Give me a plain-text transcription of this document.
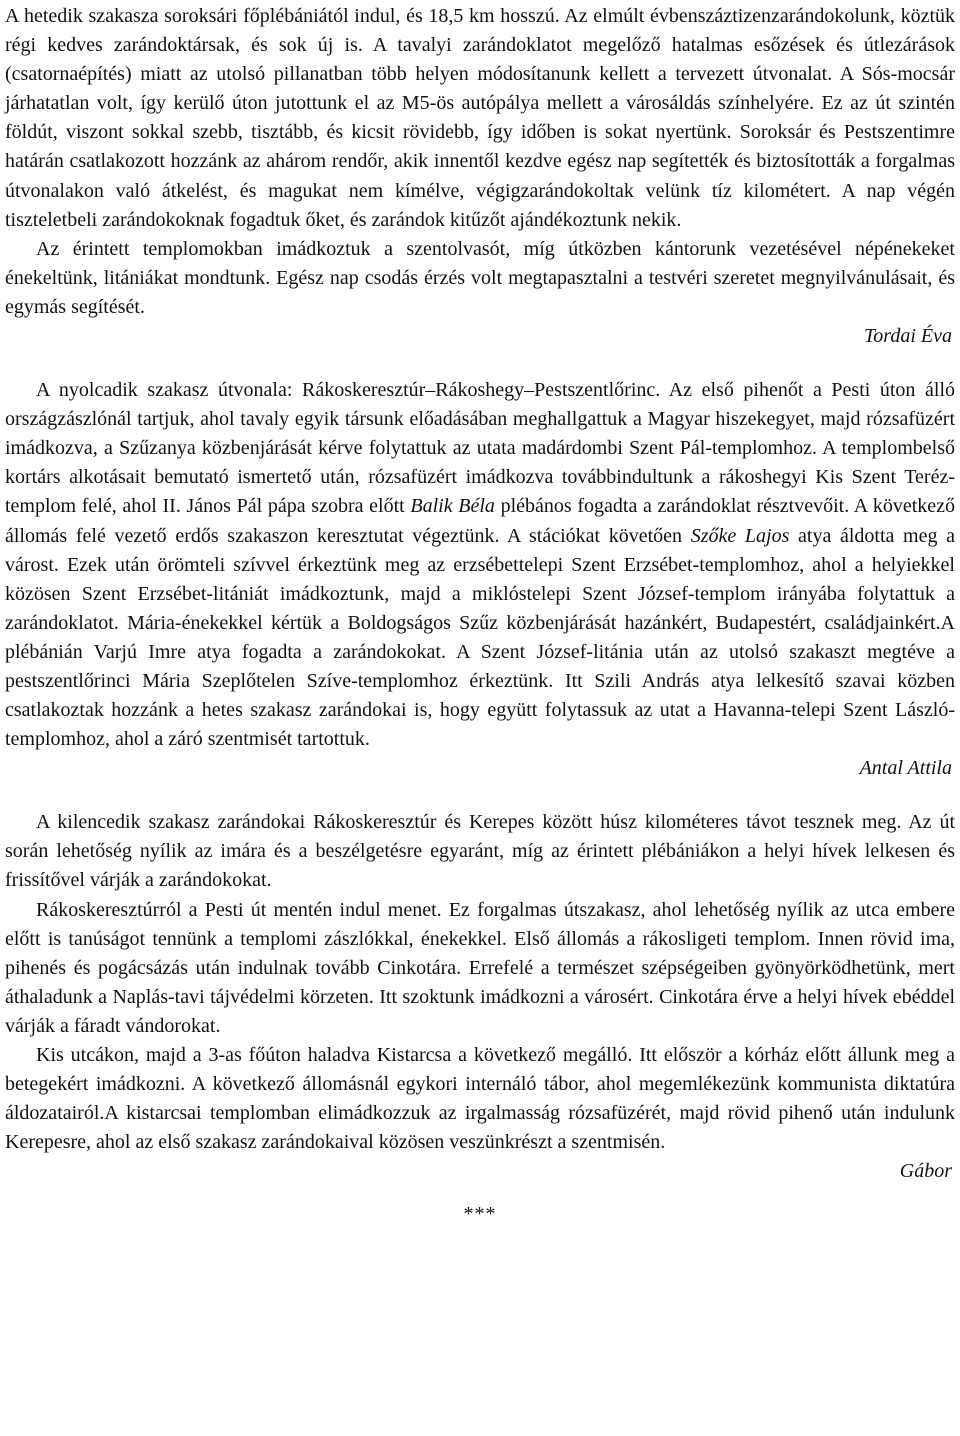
A hetedik szakasza soroksári főplébániától indul, és 18,5 km hosszú. Az elmúlt évbenszáztizenzarándokolunk, köztük régi kedves zarándoktársak, és sok új is. A tavalyi zarándoklatot megelőző hatalmas esőzések és útlezárások (csatornaépítés) miatt az utolsó pillanatban több helyen módosítanunk kellett a tervezett útvonalat. A Sós-mocsár járhatatlan volt, így kerülő úton jutottunk el az M5-ös autópálya mellett a városáldás színhelyére. Ez az út szintén földút, viszont sokkal szebb, tisztább, és kicsit rövidebb, így időben is sokat nyertünk. Soroksár és Pestszentimre határán csatlakozott hozzánk az ahárom rendőr, akik innentől kezdve egész nap segítették és biztosították a forgalmas útvonalakon való átkelést, és magukat nem kímélve, végigzarándokoltak velünk tíz kilométert. A nap végén tiszteletbeli zarándokoknak fogadtuk őket, és zarándok kitűzőt ajándékoztunk nekik.

Az érintett templomokban imádkoztuk a szentolvasót, míg útközben kántorunk vezetésével népénekeket énekeltünk, litániákat mondtunk. Egész nap csodás érzés volt megtapasztalni a testvéri szeretet megnyilvánulásait, és egymás segítését.

Tordai Éva

A nyolcadik szakasz útvonala: Rákoskeresztúr–Rákoshegy–Pestszentlőrinc. Az első pihenőt a Pesti úton álló országzászlónál tartjuk, ahol tavaly egyik társunk előadásában meghallgattuk a Magyar hiszekegyet, majd rózsafüzért imádkozva, a Szűzanya közbenjárását kérve folytattuk az utata madárdombi Szent Pál-templomhoz. A templombelső kortárs alkotásait bemutató ismertető után, rózsafüzért imádkozva továbbindultunk a rákoshegyi Kis Szent Teréz-templom felé, ahol II. János Pál pápa szobra előtt Balik Béla plébános fogadta a zarándoklat résztvevőit. A következő állomás felé vezető erdős szakaszon keresztutat végeztünk. A stációkat követően Szőke Lajos atya áldotta meg a várost. Ezek után örömteli szívvel érkeztünk meg az erzsébettelepi Szent Erzsébet-templomhoz, ahol a helyiekkel közösen Szent Erzsébet-litániát imádkoztunk, majd a miklóstelepi Szent József-templom irányába folytattuk a zarándoklatot. Mária-énekekkel kértük a Boldogságos Szűz közbenjárását hazánkért, Budapestért, családjainkért.A plébánián Varjú Imre atya fogadta a zarándokokat. A Szent József-litánia után az utolsó szakaszt megtéve a pestszentlőrinci Mária Szeplőtelen Szíve-templomhoz érkeztünk. Itt Szili András atya lelkesítő szavai közben csatlakoztak hozzánk a hetes szakasz zarándokai is, hogy együtt folytassuk az utat a Havanna-telepi Szent László-templomhoz, ahol a záró szentmisét tartottuk.

Antal Attila

A kilencedik szakasz zarándokai Rákoskeresztúr és Kerepes között húsz kilométeres távot tesznek meg. Az út során lehetőség nyílik az imára és a beszélgetésre egyaránt, míg az érintett plébániákon a helyi hívek lelkesen és frissítővel várják a zarándokokat.

Rákoskeresztúrról a Pesti út mentén indul menet. Ez forgalmas útszakasz, ahol lehetőség nyílik az utca embere előtt is tanúságot tennünk a templomi zászlókkal, énekekkel. Első állomás a rákosligeti templom. Innen rövid ima, pihenés és pogácsázás után indulnak tovább Cinkotára. Errefelé a természet szépségeiben gyönyörködhetünk, mert áthaladunk a Naplás-tavi tájvédelmi körzeten. Itt szoktunk imádkozni a városért. Cinkotára érve a helyi hívek ebéddel várják a fáradt vándorokat.

Kis utcákon, majd a 3-as főúton haladva Kistarcsa a következő megálló. Itt először a kórház előtt állunk meg a betegekért imádkozni. A következő állomásnál egykori internáló tábor, ahol megemlékezünk kommunista diktatúra áldozatairól.A kistarcsai templomban elimádkozzuk az irgalmasság rózsafüzérét, majd rövid pihenő után indulunk Kerepesre, ahol az első szakasz zarándokaival közösen veszünkrészt a szentmisén.

Gábor

***
